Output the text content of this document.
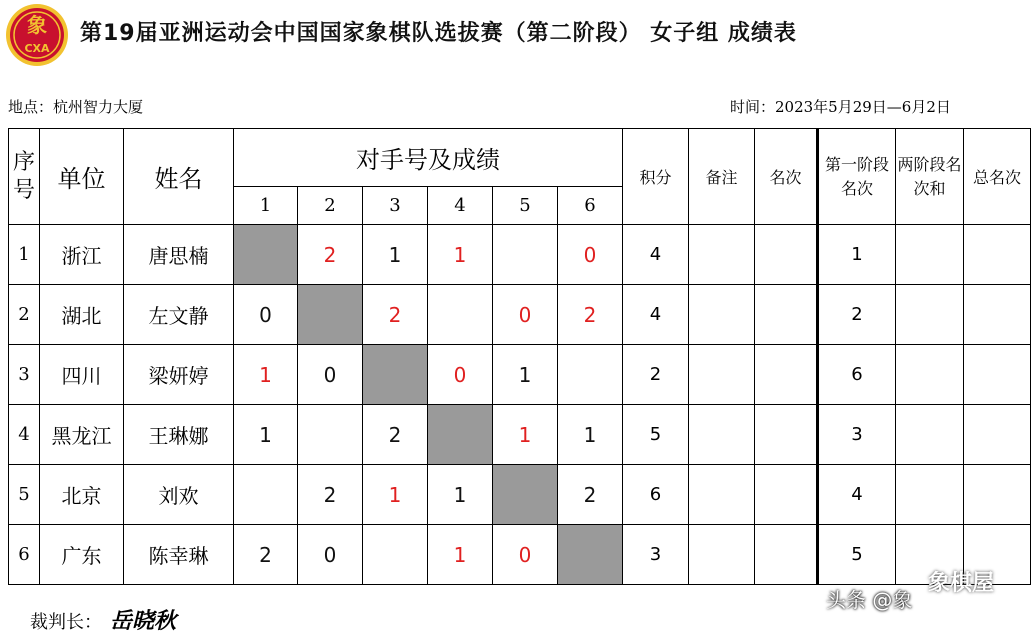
象
CXA
第19届亚洲运动会中国国家象棋队选拔赛（第二阶段） 女子组 成绩表
地点：杭州智力大厦	时间：2023年5月29日—6月2日
序号	单位	姓名	对手号及成绩						积分	备注	名次	第一阶段名次	两阶段名次和	总名次
			1	2	3	4	5	6						
1	浙江	唐思楠		2	1	1		0	4			1		
2	湖北	左文静	0		2		0	2	4			2		
3	四川	梁妍婷	1	0		0	1		2			6		
4	黑龙江	王琳娜	1		2		1	1	5			3		
5	北京	刘欢		2	1	1		2	6			4		
6	广东	陈幸琳	2	0		1	0		3			5		
裁判长： 岳晓秋
头条 @象
象棋屋
